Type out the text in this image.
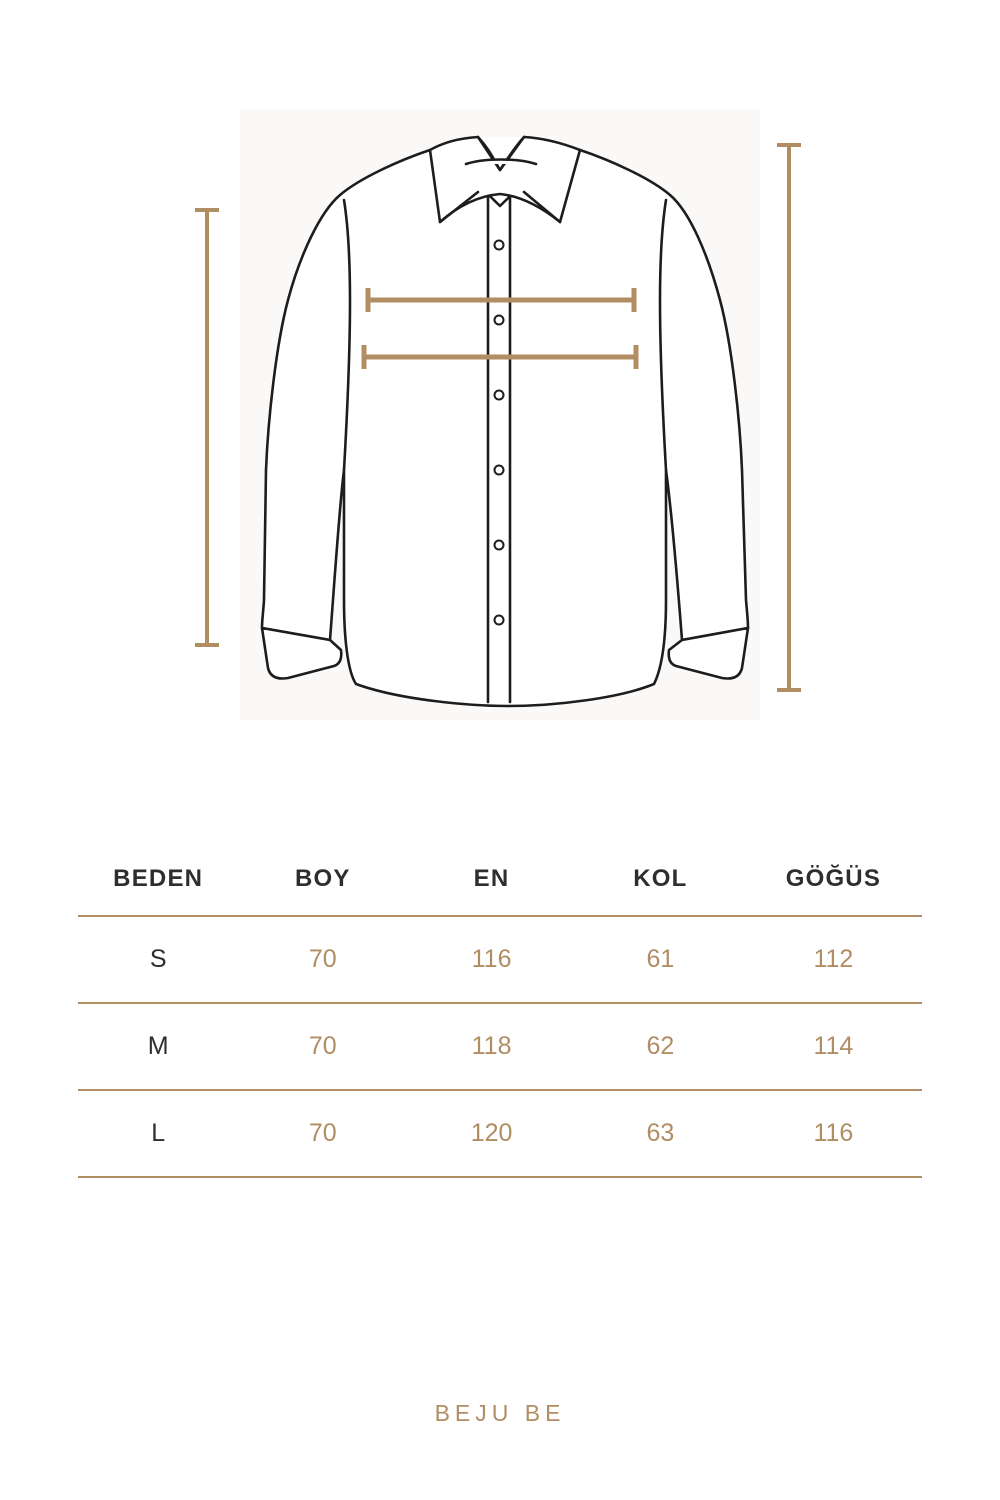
BEDEN	BOY	EN	KOL	GÖĞÜS
S	70	116	61	112
M	70	118	62	114
L	70	120	63	116
BEJU BE
